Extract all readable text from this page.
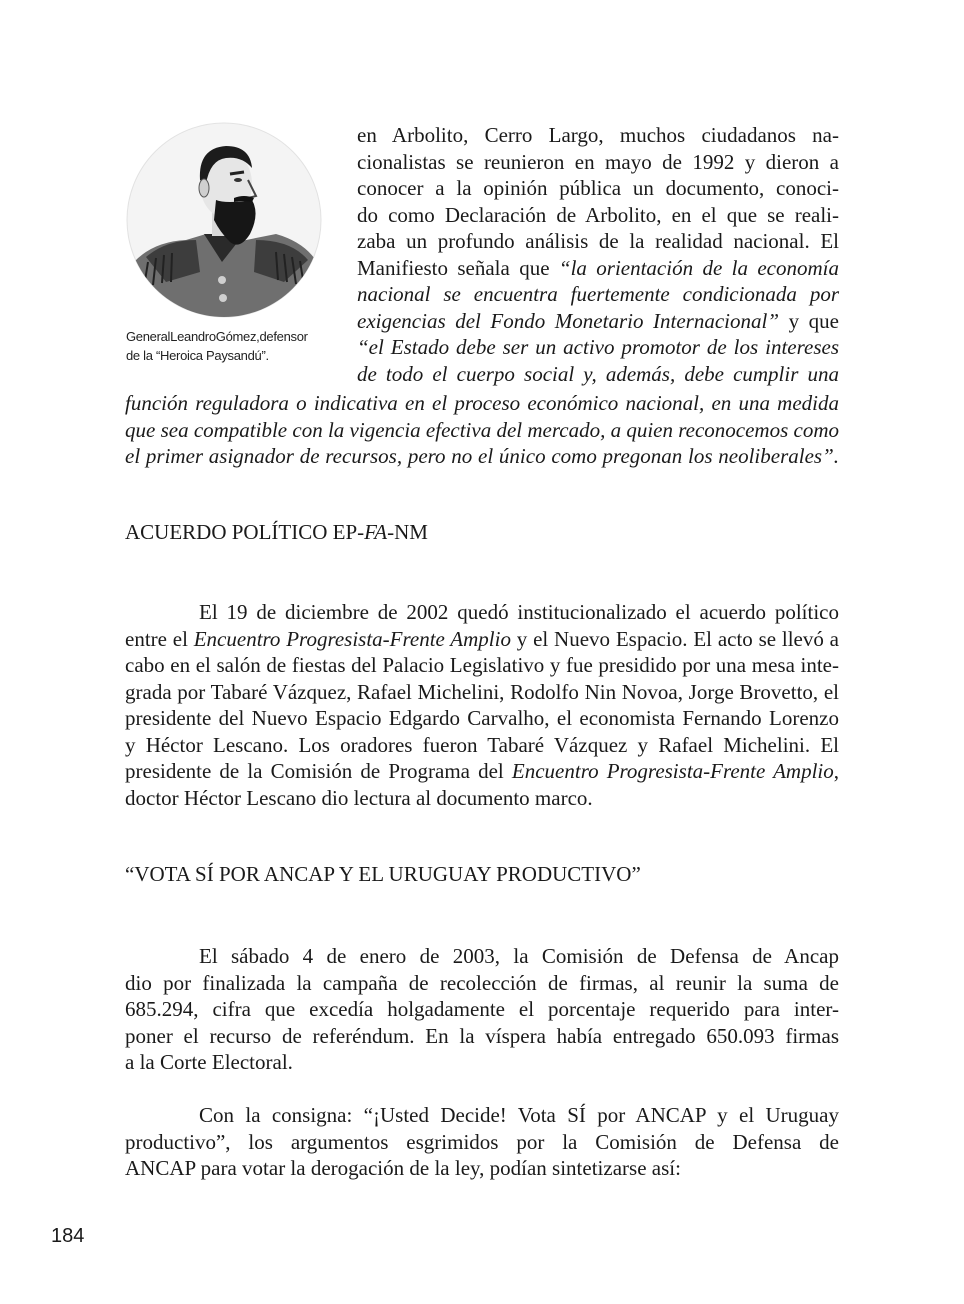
GeneralLeandroGómez,defensor
de la “Heroica Paysandú”.
en Arbolito, Cerro Largo, muchos ciudadanos na-
cionalistas se reunieron en mayo de 1992 y dieron a
conocer a la opinión pública un documento, conoci-
do como Declaración de Arbolito, en el que se reali-
zaba un profundo análisis de la realidad nacional. El
Manifiesto señala que “la orientación de la economía
nacional se encuentra fuertemente condicionada por
exigencias del Fondo Monetario Internacional” y que
“el Estado debe ser un activo promotor de los intereses
de todo el cuerpo social y, además, debe cumplir una
función reguladora o indicativa en el proceso económico nacional, en una medida
que sea compatible con la vigencia efectiva del mercado, a quien reconocemos como
el primer asignador de recursos, pero no el único como pregonan los neoliberales”.
ACUERDO POLÍTICO EP-FA-NM
El 19 de diciembre de 2002 quedó institucionalizado el acuerdo político
entre el Encuentro Progresista-Frente Amplio y el Nuevo Espacio. El acto se llevó a
cabo en el salón de fiestas del Palacio Legislativo y fue presidido por una mesa inte-
grada por Tabaré Vázquez, Rafael Michelini, Rodolfo Nin Novoa, Jorge Brovetto, el
presidente del Nuevo Espacio Edgardo Carvalho, el economista Fernando Lorenzo
y Héctor Lescano. Los oradores fueron Tabaré Vázquez y Rafael Michelini. El
presidente de la Comisión de Programa del Encuentro Progresista-Frente Amplio,
doctor Héctor Lescano dio lectura al documento marco.
“VOTA SÍ POR ANCAP Y EL URUGUAY PRODUCTIVO”
El sábado 4 de enero de 2003, la Comisión de Defensa de Ancap
dio por finalizada la campaña de recolección de firmas, al reunir la suma de
685.294, cifra que excedía holgadamente el porcentaje requerido para inter-
poner el recurso de referéndum. En la víspera había entregado 650.093 firmas
a la Corte Electoral.
Con la consigna: “¡Usted Decide! Vota SÍ por ANCAP y el Uruguay
productivo”, los argumentos esgrimidos por la Comisión de Defensa de
ANCAP para votar la derogación de la ley, podían sintetizarse así:
184
